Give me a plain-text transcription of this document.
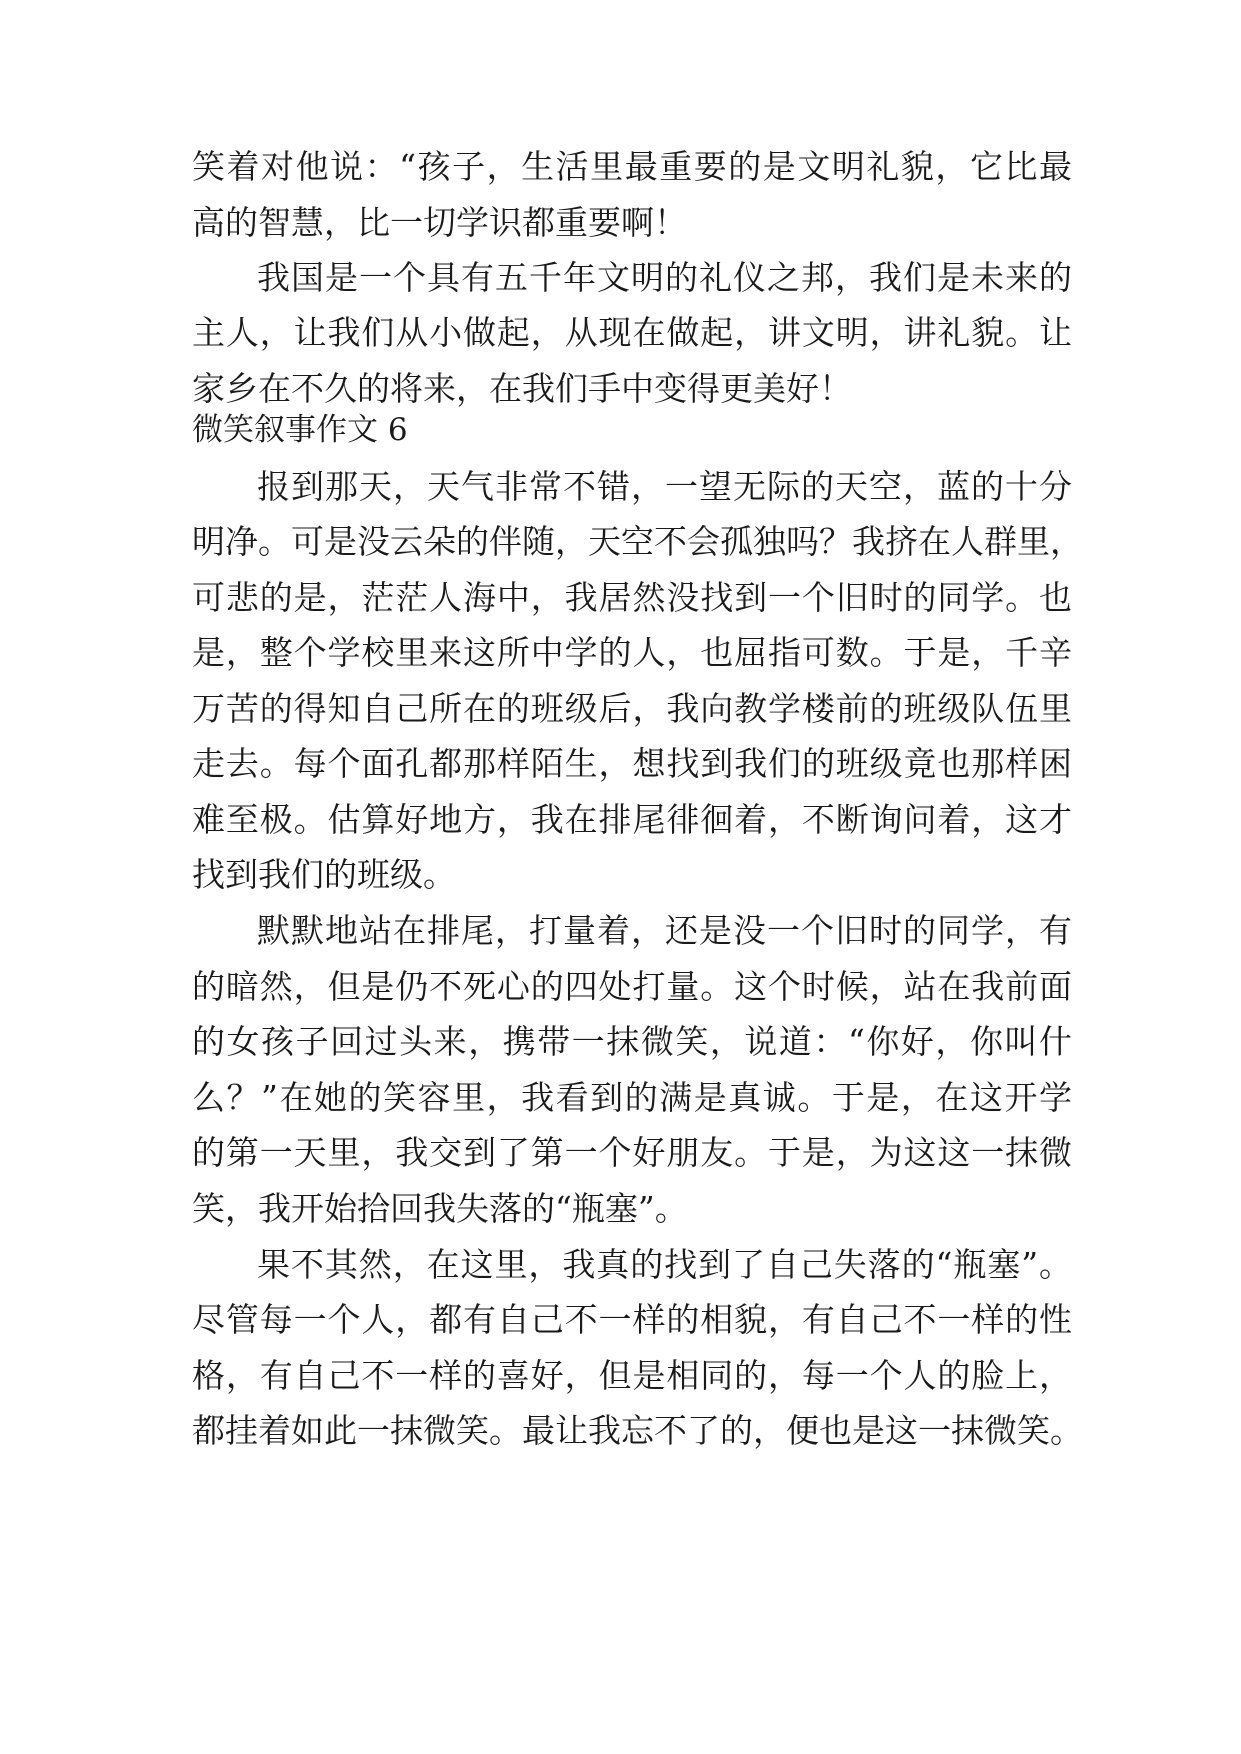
笑着对他说：“孩子，生活里最重要的是文明礼貌，它比最
高的智慧，比一切学识都重要啊！
我国是一个具有五千年文明的礼仪之邦，我们是未来的
主人，让我们从小做起，从现在做起，讲文明，讲礼貌。让
家乡在不久的将来，在我们手中变得更美好！
微笑叙事作文 6
报到那天，天气非常不错，一望无际的天空，蓝的十分
明净。可是没云朵的伴随，天空不会孤独吗？我挤在人群里，
可悲的是，茫茫人海中，我居然没找到一个旧时的同学。也
是，整个学校里来这所中学的人，也屈指可数。于是，千辛
万苦的得知自己所在的班级后，我向教学楼前的班级队伍里
走去。每个面孔都那样陌生，想找到我们的班级竟也那样困
难至极。估算好地方，我在排尾徘徊着，不断询问着，这才
找到我们的班级。
默默地站在排尾，打量着，还是没一个旧时的同学，有
的暗然，但是仍不死心的四处打量。这个时候，站在我前面
的女孩子回过头来，携带一抹微笑，说道：“你好，你叫什
么？”在她的笑容里，我看到的满是真诚。于是，在这开学
的第一天里，我交到了第一个好朋友。于是，为这这一抹微
笑，我开始拾回我失落的“瓶塞”。
果不其然，在这里，我真的找到了自己失落的“瓶塞”。
尽管每一个人，都有自己不一样的相貌，有自己不一样的性
格，有自己不一样的喜好，但是相同的，每一个人的脸上，
都挂着如此一抹微笑。最让我忘不了的，便也是这一抹微笑。
